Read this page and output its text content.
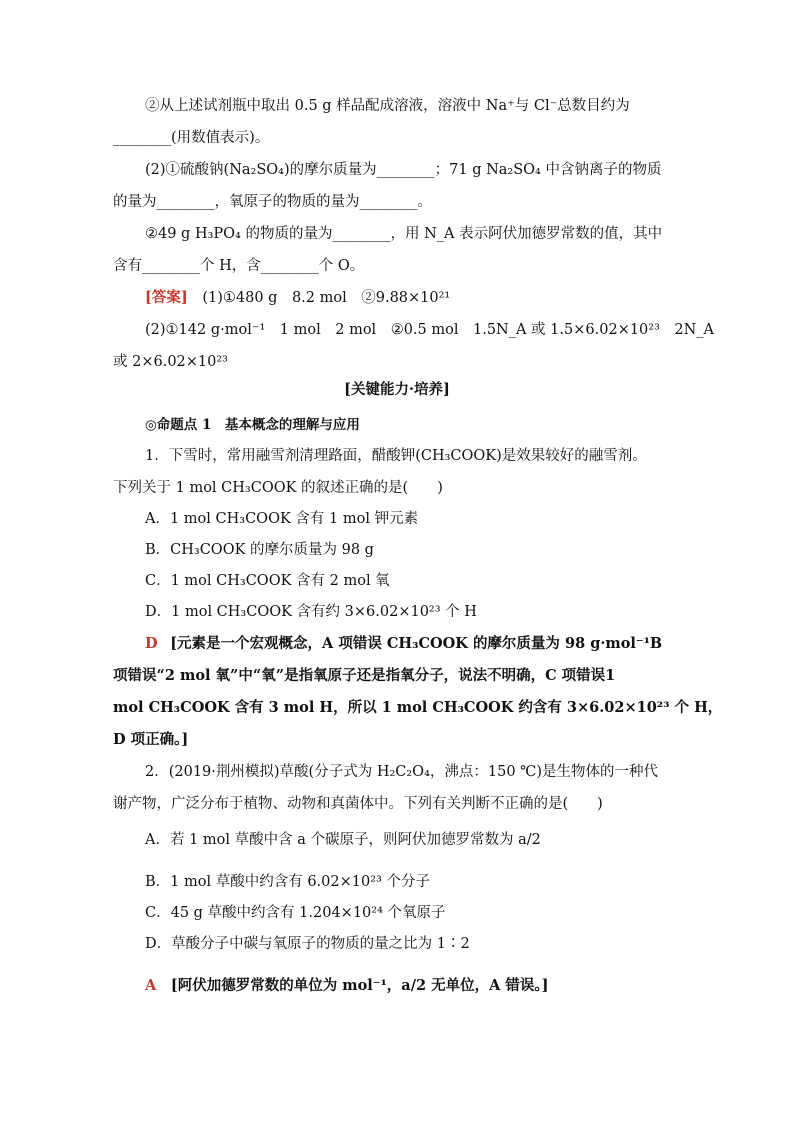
②从上述试剂瓶中取出 0.5 g 样品配成溶液，溶液中 Na⁺与 Cl⁻总数目约为
________(用数值表示)。
(2)①硫酸钠(Na₂SO₄)的摩尔质量为________；71 g Na₂SO₄ 中含钠离子的物质
的量为________，氧原子的物质的量为________。
②49 g H₃PO₄ 的物质的量为________，用 N_A 表示阿伏加德罗常数的值，其中
含有________个 H，含________个 O。
[答案] (1)①480 g　8.2 mol　②9.88×10²¹
(2)①142 g·mol⁻¹　1 mol　2 mol　②0.5 mol　1.5N_A 或 1.5×6.02×10²³　2N_A
或 2×6.02×10²³
[关键能力·培养]
◎命题点 1　基本概念的理解与应用
1．下雪时，常用融雪剂清理路面，醋酸钾(CH₃COOK)是效果较好的融雪剂。
下列关于 1 mol CH₃COOK 的叙述正确的是(　　)
A．1 mol CH₃COOK 含有 1 mol 钾元素
B．CH₃COOK 的摩尔质量为 98 g
C．1 mol CH₃COOK 含有 2 mol 氧
D．1 mol CH₃COOK 含有约 3×6.02×10²³ 个 H
D [元素是一个宏观概念，A 项错误 CH₃COOK 的摩尔质量为 98 g·mol⁻¹B
项错误“2 mol 氧”中“氧”是指氧原子还是指氧分子，说法不明确，C 项错误1
mol CH₃COOK 含有 3 mol H，所以 1 mol CH₃COOK 约含有 3×6.02×10²³ 个 H，
D 项正确。]
2．(2019·荆州模拟)草酸(分子式为 H₂C₂O₄，沸点：150 ℃)是生物体的一种代
谢产物，广泛分布于植物、动物和真菌体中。下列有关判断不正确的是(　　)
A．若 1 mol 草酸中含 a 个碳原子，则阿伏加德罗常数为 a/2
B．1 mol 草酸中约含有 6.02×10²³ 个分子
C．45 g 草酸中约含有 1.204×10²⁴ 个氧原子
D．草酸分子中碳与氧原子的物质的量之比为 1∶2
A [阿伏加德罗常数的单位为 mol⁻¹，a/2 无单位，A 错误。]
